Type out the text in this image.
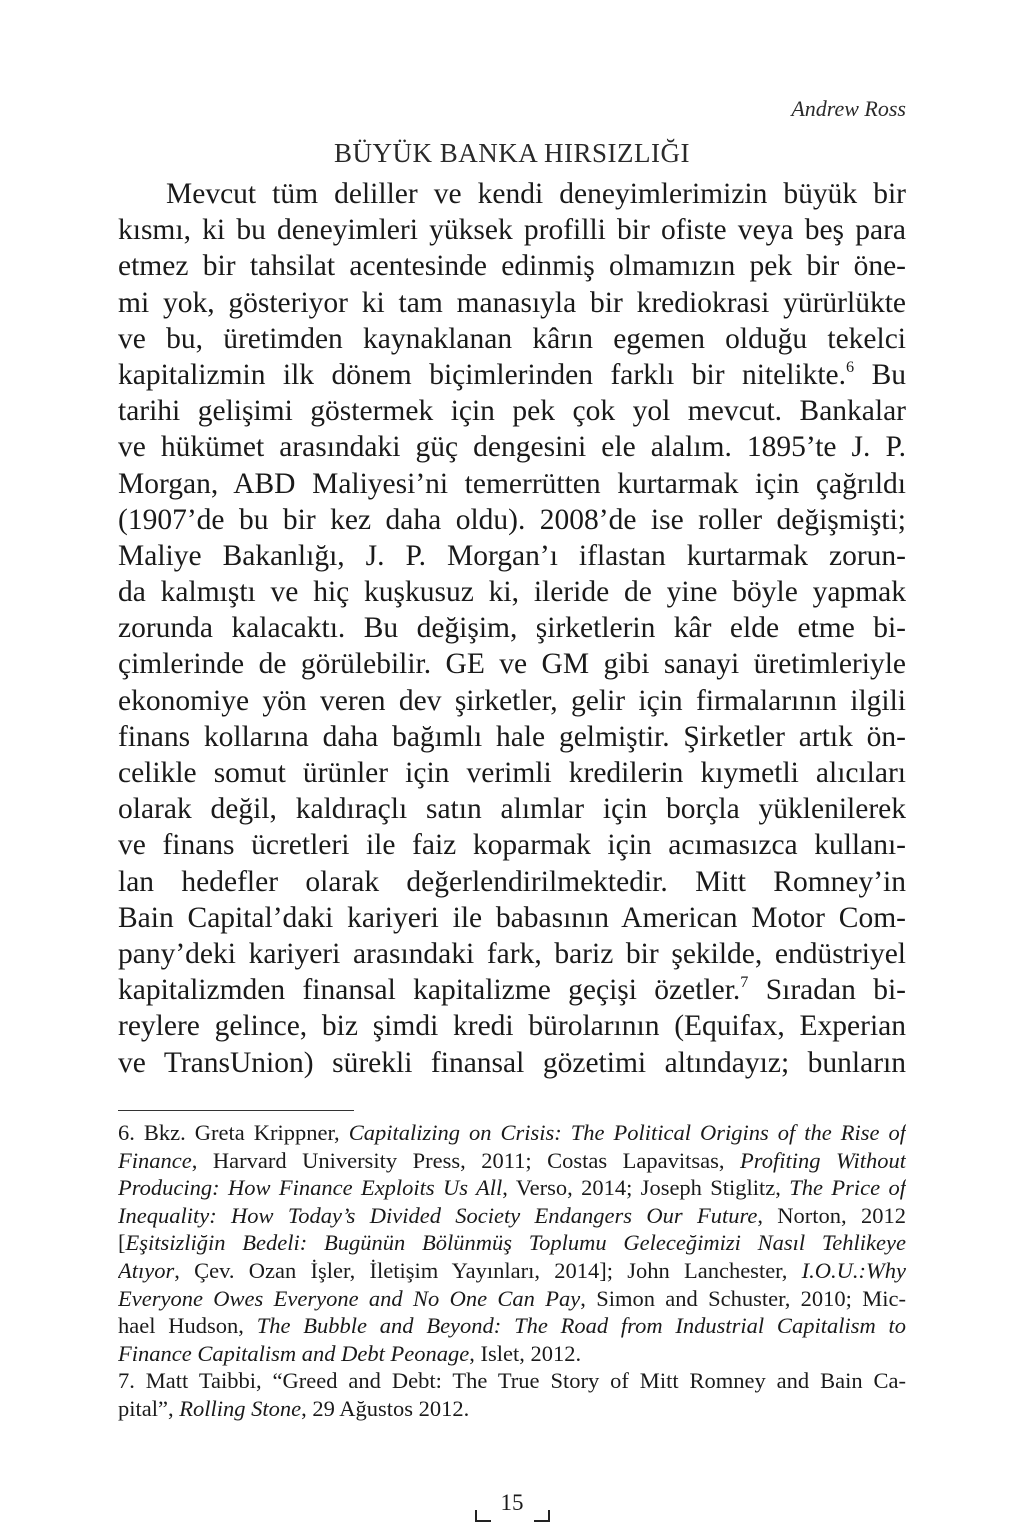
Andrew Ross
BÜYÜK BANKA HIRSIZLIĞI
Mevcut tüm deliller ve kendi deneyimlerimizin büyük bir
kısmı, ki bu deneyimleri yüksek profilli bir ofiste veya beş para
etmez bir tahsilat acentesinde edinmiş olmamızın pek bir öne-
mi yok, gösteriyor ki tam manasıyla bir krediokrasi yürürlükte
ve bu, üretimden kaynaklanan kârın egemen olduğu tekelci
kapitalizmin ilk dönem biçimlerinden farklı bir nitelikte.$^6$ Bu
tarihi gelişimi göstermek için pek çok yol mevcut. Bankalar
ve hükümet arasındaki güç dengesini ele alalım. 1895’te J. P.
Morgan, ABD Maliyesi’ni temerrütten kurtarmak için çağrıldı
(1907’de bu bir kez daha oldu). 2008’de ise roller değişmişti;
Maliye Bakanlığı, J. P. Morgan’ı iflastan kurtarmak zorun-
da kalmıştı ve hiç kuşkusuz ki, ileride de yine böyle yapmak
zorunda kalacaktı. Bu değişim, şirketlerin kâr elde etme bi-
çimlerinde de görülebilir. GE ve GM gibi sanayi üretimleriyle
ekonomiye yön veren dev şirketler, gelir için firmalarının ilgili
finans kollarına daha bağımlı hale gelmiştir. Şirketler artık ön-
celikle somut ürünler için verimli kredilerin kıymetli alıcıları
olarak değil, kaldıraçlı satın alımlar için borçla yüklenilerek
ve finans ücretleri ile faiz koparmak için acımasızca kullanı-
lan hedefler olarak değerlendirilmektedir. Mitt Romney’in
Bain Capital’daki kariyeri ile babasının American Motor Com-
pany’deki kariyeri arasındaki fark, bariz bir şekilde, endüstriyel
kapitalizmden finansal kapitalizme geçişi özetler.$^7$ Sıradan bi-
reylere gelince, biz şimdi kredi bürolarının (Equifax, Experian
ve TransUnion) sürekli finansal gözetimi altındayız; bunların
6. Bkz. Greta Krippner, Capitalizing on Crisis: The Political Origins of the Rise of
Finance, Harvard University Press, 2011; Costas Lapavitsas, Profiting Without
Producing: How Finance Exploits Us All, Verso, 2014; Joseph Stiglitz, The Price of
Inequality: How Today’s Divided Society Endangers Our Future, Norton, 2012
[Eşitsizliğin Bedeli: Bugünün Bölünmüş Toplumu Geleceğimizi Nasıl Tehlikeye
Atıyor, Çev. Ozan İşler, İletişim Yayınları, 2014]; John Lanchester, I.O.U.:Why
Everyone Owes Everyone and No One Can Pay, Simon and Schuster, 2010; Mic-
hael Hudson, The Bubble and Beyond: The Road from Industrial Capitalism to
Finance Capitalism and Debt Peonage, Islet, 2012.
7. Matt Taibbi, “Greed and Debt: The True Story of Mitt Romney and Bain Ca-
pital”, Rolling Stone, 29 Ağustos 2012.
15
